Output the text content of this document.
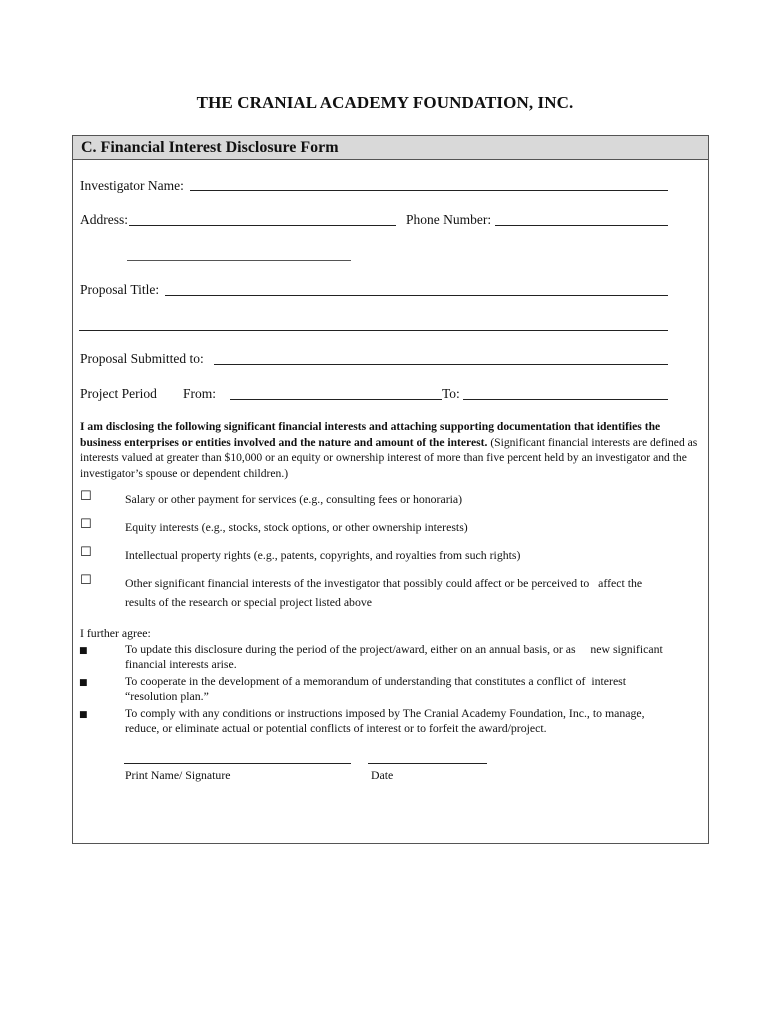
THE CRANIAL ACADEMY FOUNDATION, INC.
C. Financial Interest Disclosure Form
Investigator Name:
Address:	Phone Number:
Proposal Title:
Proposal Submitted to:
Project Period From:	To:
I am disclosing the following significant financial interests and attaching supporting documentation that identifies the business enterprises or entities involved and the nature and amount of the interest. (Significant financial interests are defined as interests valued at greater than $10,000 or an equity or ownership interest of more than five percent held by an investigator and the investigator’s spouse or dependent children.)
☐	Salary or other payment for services (e.g., consulting fees or honoraria)
☐	Equity interests (e.g., stocks, stock options, or other ownership interests)
☐	Intellectual property rights (e.g., patents, copyrights, and royalties from such rights)
☐	Other significant financial interests of the investigator that possibly could affect or be perceived to   affect the
results of the research or special project listed above
I further agree:
■	To update this disclosure during the period of the project/award, either on an annual basis, or as     new significant
financial interests arise.
■	To cooperate in the development of a memorandum of understanding that constitutes a conflict of  interest
“resolution plan.”
■	To comply with any conditions or instructions imposed by The Cranial Academy Foundation, Inc., to manage,
reduce, or eliminate actual or potential conflicts of interest or to forfeit the award/project.
Print Name/ Signature	Date
